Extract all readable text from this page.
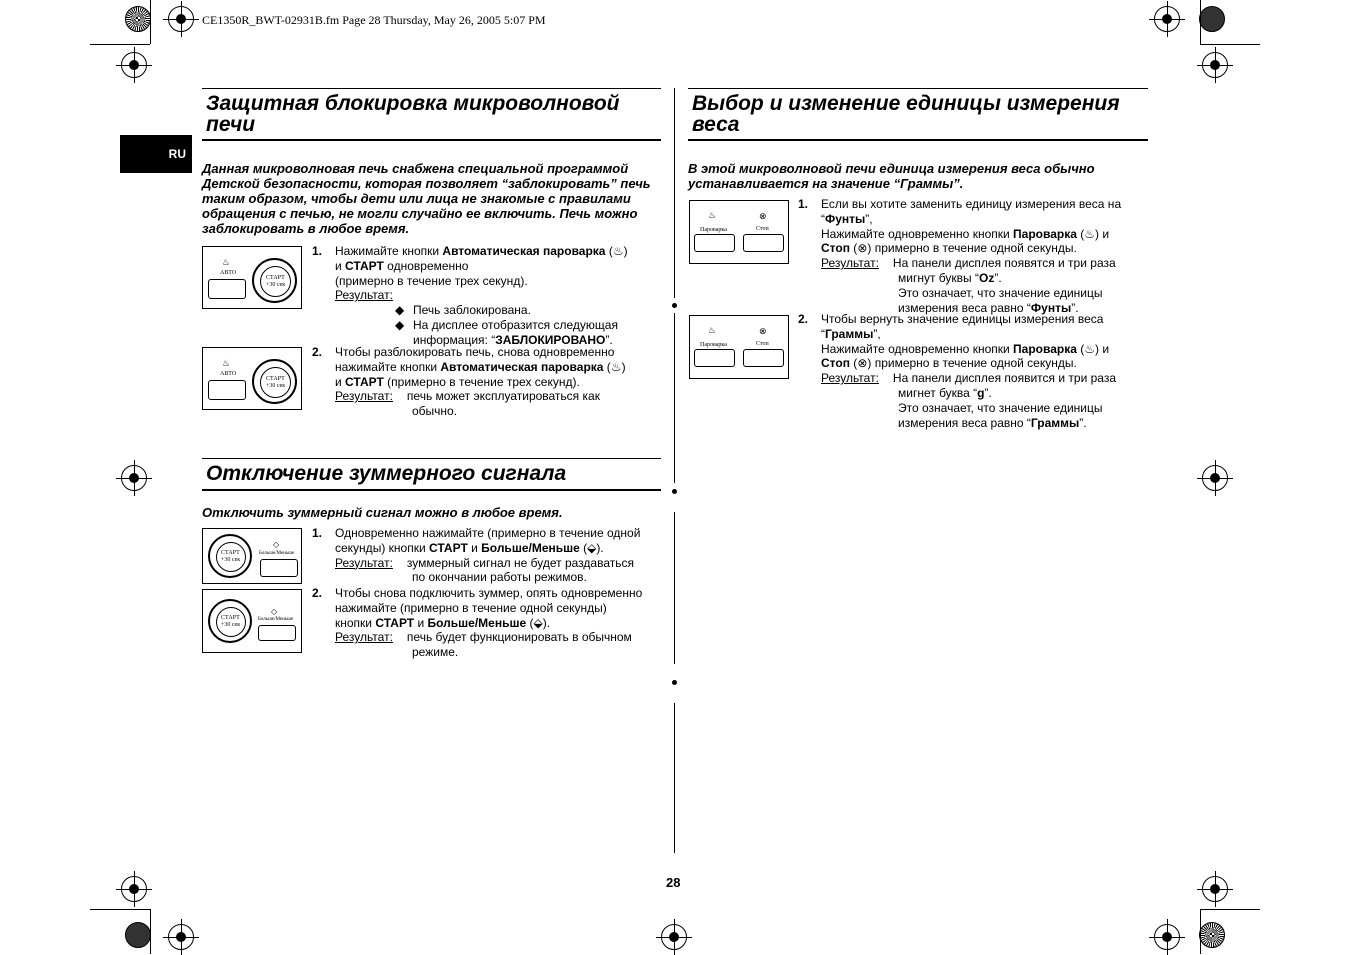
CE1350R_BWT-02931B.fm Page 28 Thursday, May 26, 2005 5:07 PM
RU
Защитная блокировка микроволновой печи
Данная микроволновая печь снабжена специальной программой Детской безопасности, которая позволяет “заблокировать” печь таким образом, чтобы дети или лица не знакомые с правилами обращения с печью, не могли случайно ее включить. Печь можно заблокировать в любое время.
♨
АВТО
СТАРТ
+30 сек
♨
АВТО
СТАРТ
+30 сек
1. Нажимайте кнопки Автоматическая пароварка (♨)
и СТАРТ одновременно
(примерно в течение трех секунд).
Результат:
◆ Печь заблокирована.
◆ На дисплее отобразится следующая
информация: “ЗАБЛОКИРОВАНО”.
2. Чтобы разблокировать печь, снова одновременно
нажимайте кнопки Автоматическая пароварка (♨)
и СТАРТ (примерно в течение трех секунд).
Результат: печь может эксплуатироваться как
обычно.
Отключение зуммерного сигнала
Отключить зуммерный сигнал можно в любое время.
СТАРТ
+30 сек
◇
Больше/Меньше
СТАРТ
+30 сек
◇
Больше/Меньше
1. Одновременно нажимайте (примерно в течение одной
секунды) кнопки СТАРТ и Больше/Меньше (⬙).
Результат: зуммерный сигнал не будет раздаваться
по окончании работы режимов.
2. Чтобы снова подключить зуммер, опять одновременно
нажимайте (примерно в течение одной секунды)
кнопки СТАРТ и Больше/Меньше (⬙).
Результат: печь будет функционировать в обычном
режиме.
Выбор и изменение единицы измерения веса
В этой микроволновой печи единица измерения веса обычно устанавливается на значение “Граммы”.
♨
Пароварка
⊗
Стоп
♨
Пароварка
⊗
Стоп
1. Если вы хотите заменить единицу измерения веса на
“Фунты”,
Нажимайте одновременно кнопки Пароварка (♨) и
Стоп (⊗) примерно в течение одной секунды.
Результат: На панели дисплея появятся и три раза
мигнут буквы “Oz”.
Это означает, что значение единицы
измерения веса равно “Фунты”.
2. Чтобы вернуть значение единицы измерения веса
“Граммы”,
Нажимайте одновременно кнопки Пароварка (♨) и
Стоп (⊗) примерно в течение одной секунды.
Результат: На панели дисплея появится и три раза
мигнет буква “g”.
Это означает, что значение единицы
измерения веса равно “Граммы”.
28
